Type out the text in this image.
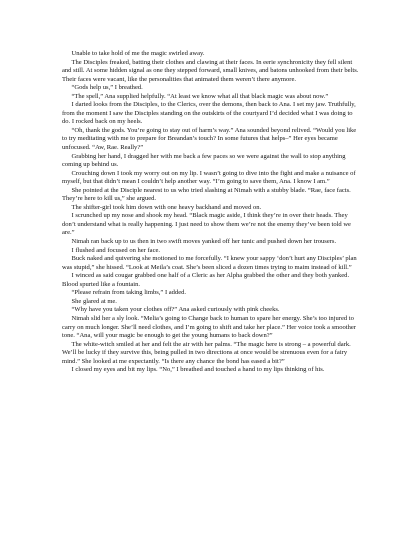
Unable to take hold of me the magic swirled away.

The Disciples freaked, batting their clothes and clawing at their faces. In eerie synchronicity they fell silent and still. At some hidden signal as one they stepped forward, small knives, and batons unhooked from their belts. Their faces were vacant, like the personalities that animated them weren’t there anymore.

“Gods help us,” I breathed.

“The spell,” Ana supplied helpfully. “At least we know what all that black magic was about now.”

I darted looks from the Disciples, to the Clerics, over the demons, then back to Ana. I set my jaw. Truthfully, from the moment I saw the Disciples standing on the outskirts of the courtyard I’d decided what I was doing to do. I rocked back on my heels.

“Oh, thank the gods. You’re going to stay out of harm’s way.” Ana sounded beyond relived. “Would you like to try meditating with me to prepare for Breandan’s touch? In some futures that helps–” Her eyes became unfocused. “Aw, Rae. Really?”

Grabbing her hand, I dragged her with me back a few paces so we were against the wall to stop anything coming up behind us.

Crouching down I took my worry out on my lip. I wasn’t going to dive into the fight and make a nuisance of myself, but that didn’t mean I couldn’t help another way. “I’m going to save them, Ana. I know I am.”

She pointed at the Disciple nearest to us who tried slashing at Nimah with a stubby blade. “Rae, face facts. They’re here to kill us,” she argued.

The shifter-girl took him down with one heavy backhand and moved on.

I scrunched up my nose and shook my head. “Black magic aside, I think they’re in over their heads. They don’t understand what is really happening. I just need to show them we’re not the enemy they’ve been told we are.”

Nimah ran back up to us then in two swift moves yanked off her tunic and pushed down her trousers.

I flushed and focused on her face.

Buck naked and quivering she motioned to me forcefully. “I knew your sappy ‘don’t hurt any Disciples’ plan was stupid,” she hissed. “Look at Meila’s coat. She’s been sliced a dozen times trying to maim instead of kill.”

I winced as said cougar grabbed one half of a Cleric as her Alpha grabbed the other and they both yanked. Blood spurted like a fountain.

“Please refrain from taking limbs,” I added.

She glared at me.

“Why have you taken your clothes off?” Ana asked curiously with pink cheeks.

Nimah slid her a sly look. “Melia’s going to Change back to human to spare her energy. She’s too injured to carry on much longer. She’ll need clothes, and I’m going to shift and take her place.” Her voice took a smoother tone. “Ana, will your magic be enough to get the young humans to back down?”

The white-witch smiled at her and felt the air with her palms. “The magic here is strong – a powerful dark. We’ll be lucky if they survive this, being pulled in two directions at once would be strenuous even for a fairy mind.” She looked at me expectantly. “Is there any chance the bond has eased a bit?”

I closed my eyes and bit my lips. “No,” I breathed and touched a hand to my lips thinking of his.
